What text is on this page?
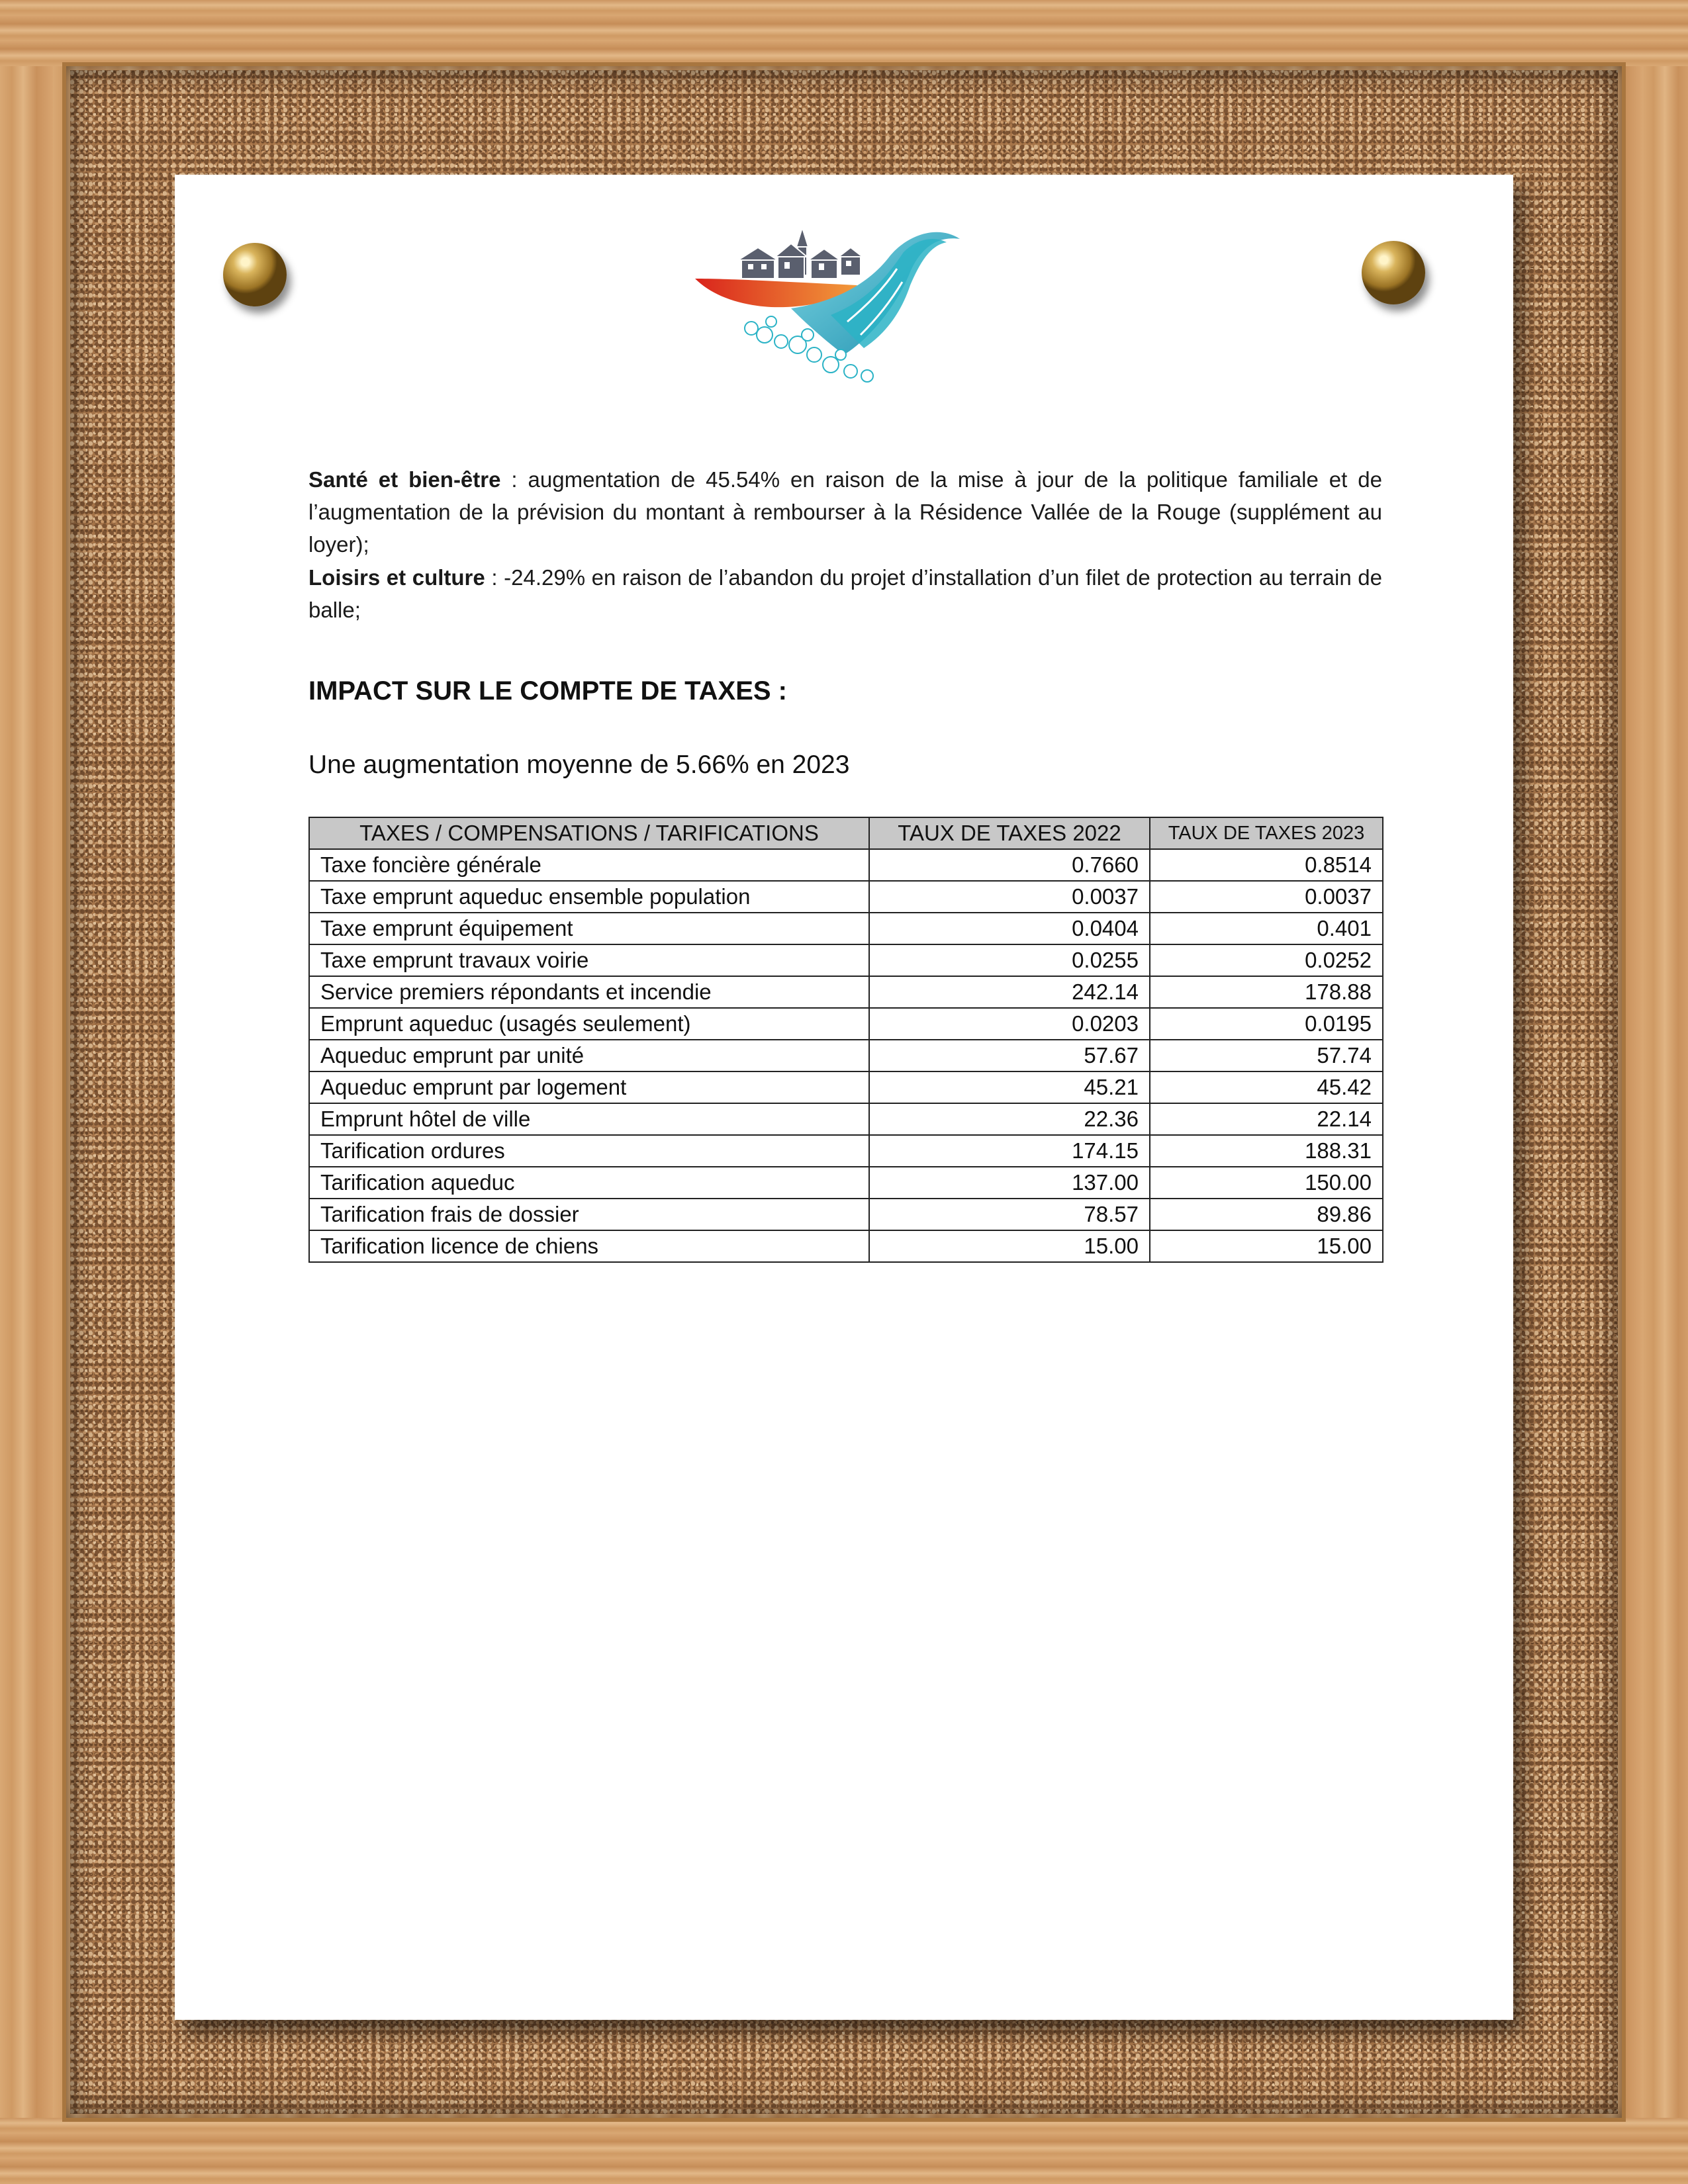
Santé et bien-être : augmentation de 45.54% en raison de la mise à jour de la politique familiale et de l’augmentation de la prévision du montant à rembourser à la Résidence Vallée de la Rouge (supplément au loyer);
Loisirs et culture : -24.29% en raison de l’abandon du projet d’installation d’un filet de protection au terrain de balle;
IMPACT SUR LE COMPTE DE TAXES :
Une augmentation moyenne de 5.66% en 2023
TAXES / COMPENSATIONS / TARIFICATIONS	TAUX DE TAXES 2022	TAUX DE TAXES 2023
Taxe foncière générale	0.7660	0.8514
Taxe emprunt aqueduc ensemble population	0.0037	0.0037
Taxe emprunt équipement	0.0404	0.401
Taxe emprunt travaux voirie	0.0255	0.0252
Service premiers répondants et incendie	242.14	178.88
Emprunt aqueduc (usagés seulement)	0.0203	0.0195
Aqueduc emprunt par unité	57.67	57.74
Aqueduc emprunt par logement	45.21	45.42
Emprunt hôtel de ville	22.36	22.14
Tarification ordures	174.15	188.31
Tarification aqueduc	137.00	150.00
Tarification frais de dossier	78.57	89.86
Tarification licence de chiens	15.00	15.00
